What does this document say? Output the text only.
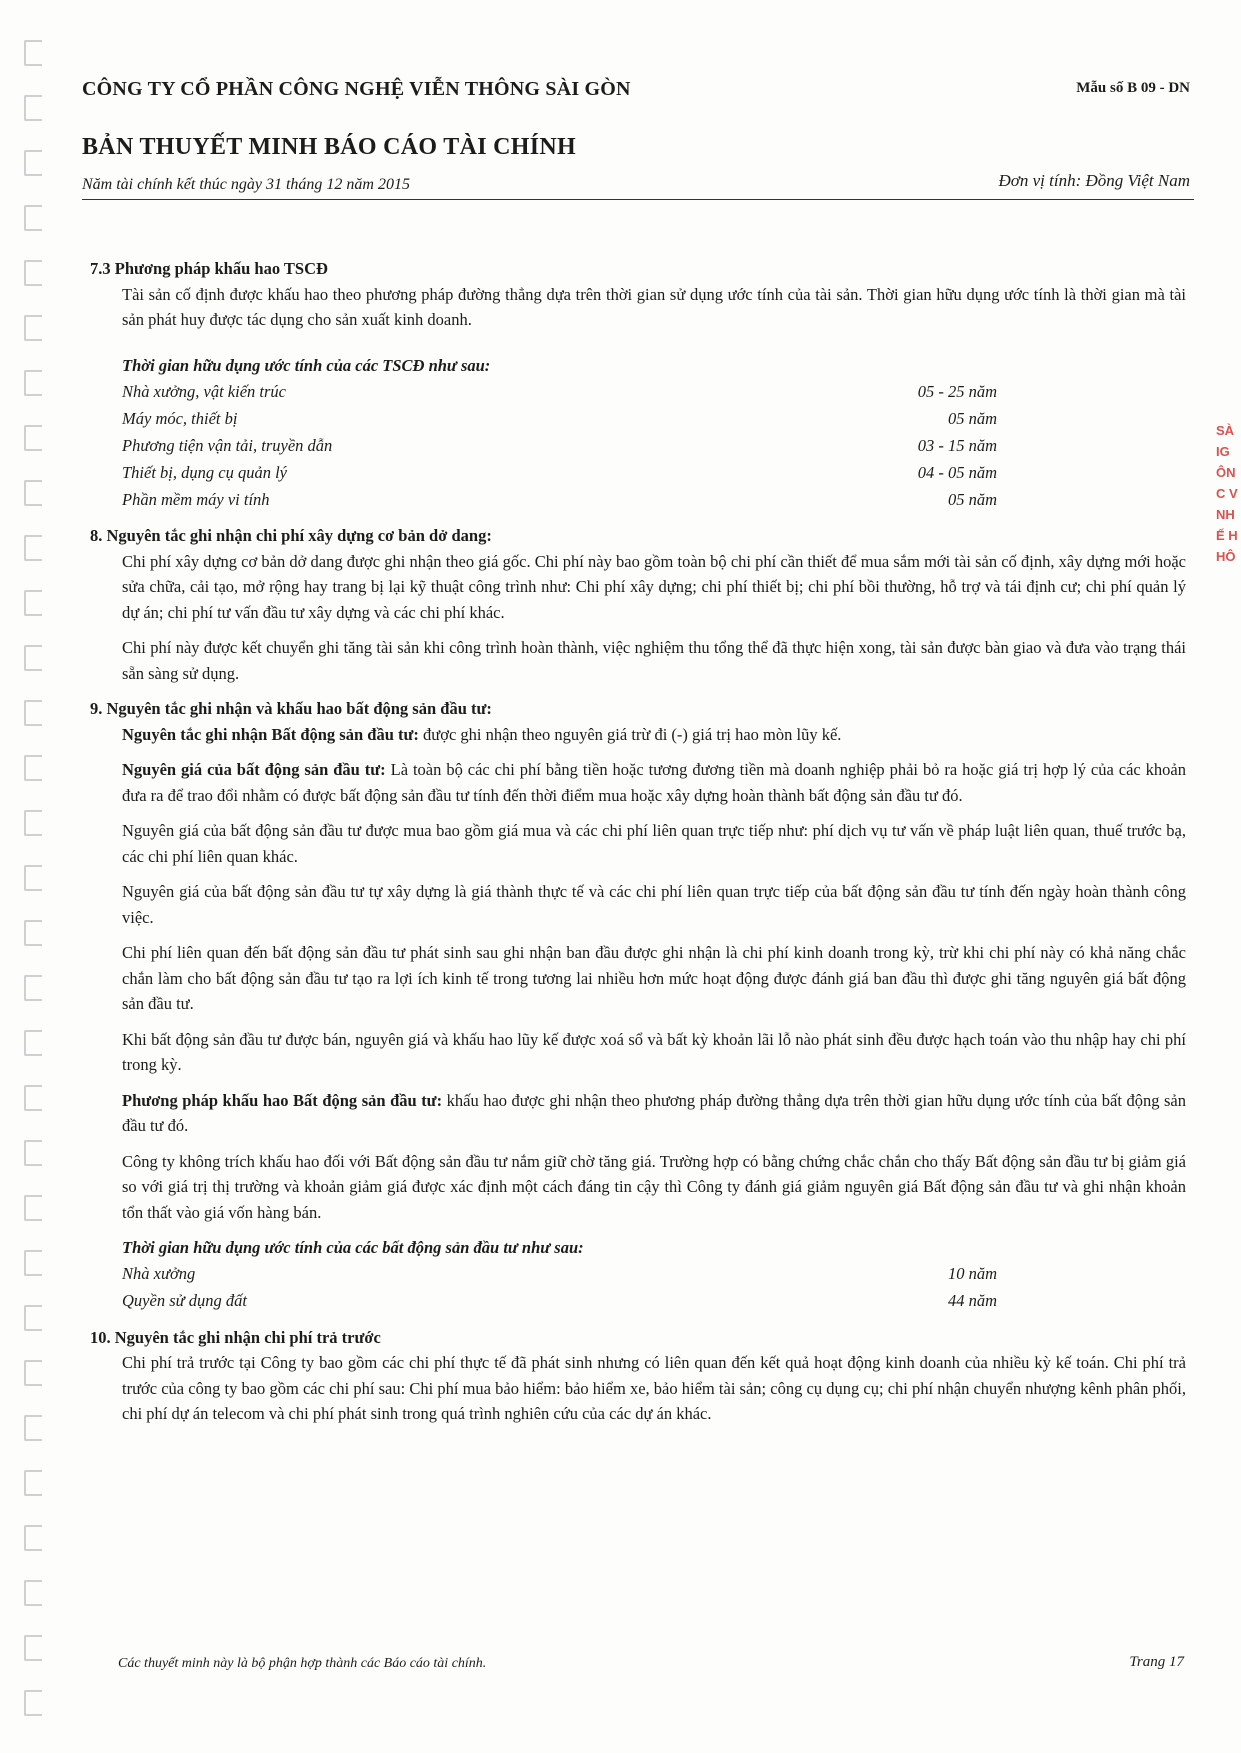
SÀ
IG
ÔN
C V
NH
Ế H
HÔ
CÔNG TY CỔ PHẦN CÔNG NGHỆ VIỄN THÔNG SÀI GÒN	Mẫu số B 09 - DN
BẢN THUYẾT MINH BÁO CÁO TÀI CHÍNH
Năm tài chính kết thúc ngày 31 tháng 12 năm 2015	Đơn vị tính: Đồng Việt Nam
7.3 Phương pháp khấu hao TSCĐ

Tài sản cố định được khấu hao theo phương pháp đường thẳng dựa trên thời gian sử dụng ước tính của tài sản. Thời gian hữu dụng ước tính là thời gian mà tài sản phát huy được tác dụng cho sản xuất kinh doanh.

Thời gian hữu dụng ước tính của các TSCĐ như sau:
Nhà xưởng, vật kiến trúc	05 - 25 năm
Máy móc, thiết bị	05 năm
Phương tiện vận tải, truyền dẫn	03 - 15 năm
Thiết bị, dụng cụ quản lý	04 - 05 năm
Phần mềm máy vi tính	05 năm
8. Nguyên tắc ghi nhận chi phí xây dựng cơ bản dở dang:

Chi phí xây dựng cơ bản dở dang được ghi nhận theo giá gốc. Chi phí này bao gồm toàn bộ chi phí cần thiết để mua sắm mới tài sản cố định, xây dựng mới hoặc sửa chữa, cải tạo, mở rộng hay trang bị lại kỹ thuật công trình như: Chi phí xây dựng; chi phí thiết bị; chi phí bồi thường, hỗ trợ và tái định cư; chi phí quản lý dự án; chi phí tư vấn đầu tư xây dựng và các chi phí khác.

Chi phí này được kết chuyển ghi tăng tài sản khi công trình hoàn thành, việc nghiệm thu tổng thể đã thực hiện xong, tài sản được bàn giao và đưa vào trạng thái sẵn sàng sử dụng.

9. Nguyên tắc ghi nhận và khấu hao bất động sản đầu tư:

Nguyên tắc ghi nhận Bất động sản đầu tư: được ghi nhận theo nguyên giá trừ đi (-) giá trị hao mòn lũy kế.

Nguyên giá của bất động sản đầu tư: Là toàn bộ các chi phí bằng tiền hoặc tương đương tiền mà doanh nghiệp phải bỏ ra hoặc giá trị hợp lý của các khoản đưa ra để trao đổi nhằm có được bất động sản đầu tư tính đến thời điểm mua hoặc xây dựng hoàn thành bất động sản đầu tư đó.

Nguyên giá của bất động sản đầu tư được mua bao gồm giá mua và các chi phí liên quan trực tiếp như: phí dịch vụ tư vấn về pháp luật liên quan, thuế trước bạ, các chi phí liên quan khác.

Nguyên giá của bất động sản đầu tư tự xây dựng là giá thành thực tế và các chi phí liên quan trực tiếp của bất động sản đầu tư tính đến ngày hoàn thành công việc.

Chi phí liên quan đến bất động sản đầu tư phát sinh sau ghi nhận ban đầu được ghi nhận là chi phí kinh doanh trong kỳ, trừ khi chi phí này có khả năng chắc chắn làm cho bất động sản đầu tư tạo ra lợi ích kinh tế trong tương lai nhiều hơn mức hoạt động được đánh giá ban đầu thì được ghi tăng nguyên giá bất động sản đầu tư.

Khi bất động sản đầu tư được bán, nguyên giá và khấu hao lũy kế được xoá sổ và bất kỳ khoản lãi lỗ nào phát sinh đều được hạch toán vào thu nhập hay chi phí trong kỳ.

Phương pháp khấu hao Bất động sản đầu tư: khấu hao được ghi nhận theo phương pháp đường thẳng dựa trên thời gian hữu dụng ước tính của bất động sản đầu tư đó.

Công ty không trích khấu hao đối với Bất động sản đầu tư nắm giữ chờ tăng giá. Trường hợp có bằng chứng chắc chắn cho thấy Bất động sản đầu tư bị giảm giá so với giá trị thị trường và khoản giảm giá được xác định một cách đáng tin cậy thì Công ty đánh giá giảm nguyên giá Bất động sản đầu tư và ghi nhận khoản tổn thất vào giá vốn hàng bán.

Thời gian hữu dụng ước tính của các bất động sản đầu tư như sau:
Nhà xưởng	10 năm
Quyền sử dụng đất	44 năm
10. Nguyên tắc ghi nhận chi phí trả trước

Chi phí trả trước tại Công ty bao gồm các chi phí thực tế đã phát sinh nhưng có liên quan đến kết quả hoạt động kinh doanh của nhiều kỳ kế toán. Chi phí trả trước của công ty bao gồm các chi phí sau: Chi phí mua bảo hiểm: bảo hiểm xe, bảo hiểm tài sản; công cụ dụng cụ; chi phí nhận chuyển nhượng kênh phân phối, chi phí dự án telecom và chi phí phát sinh trong quá trình nghiên cứu của các dự án khác.

Các thuyết minh này là bộ phận hợp thành các Báo cáo tài chính.	Trang 17
